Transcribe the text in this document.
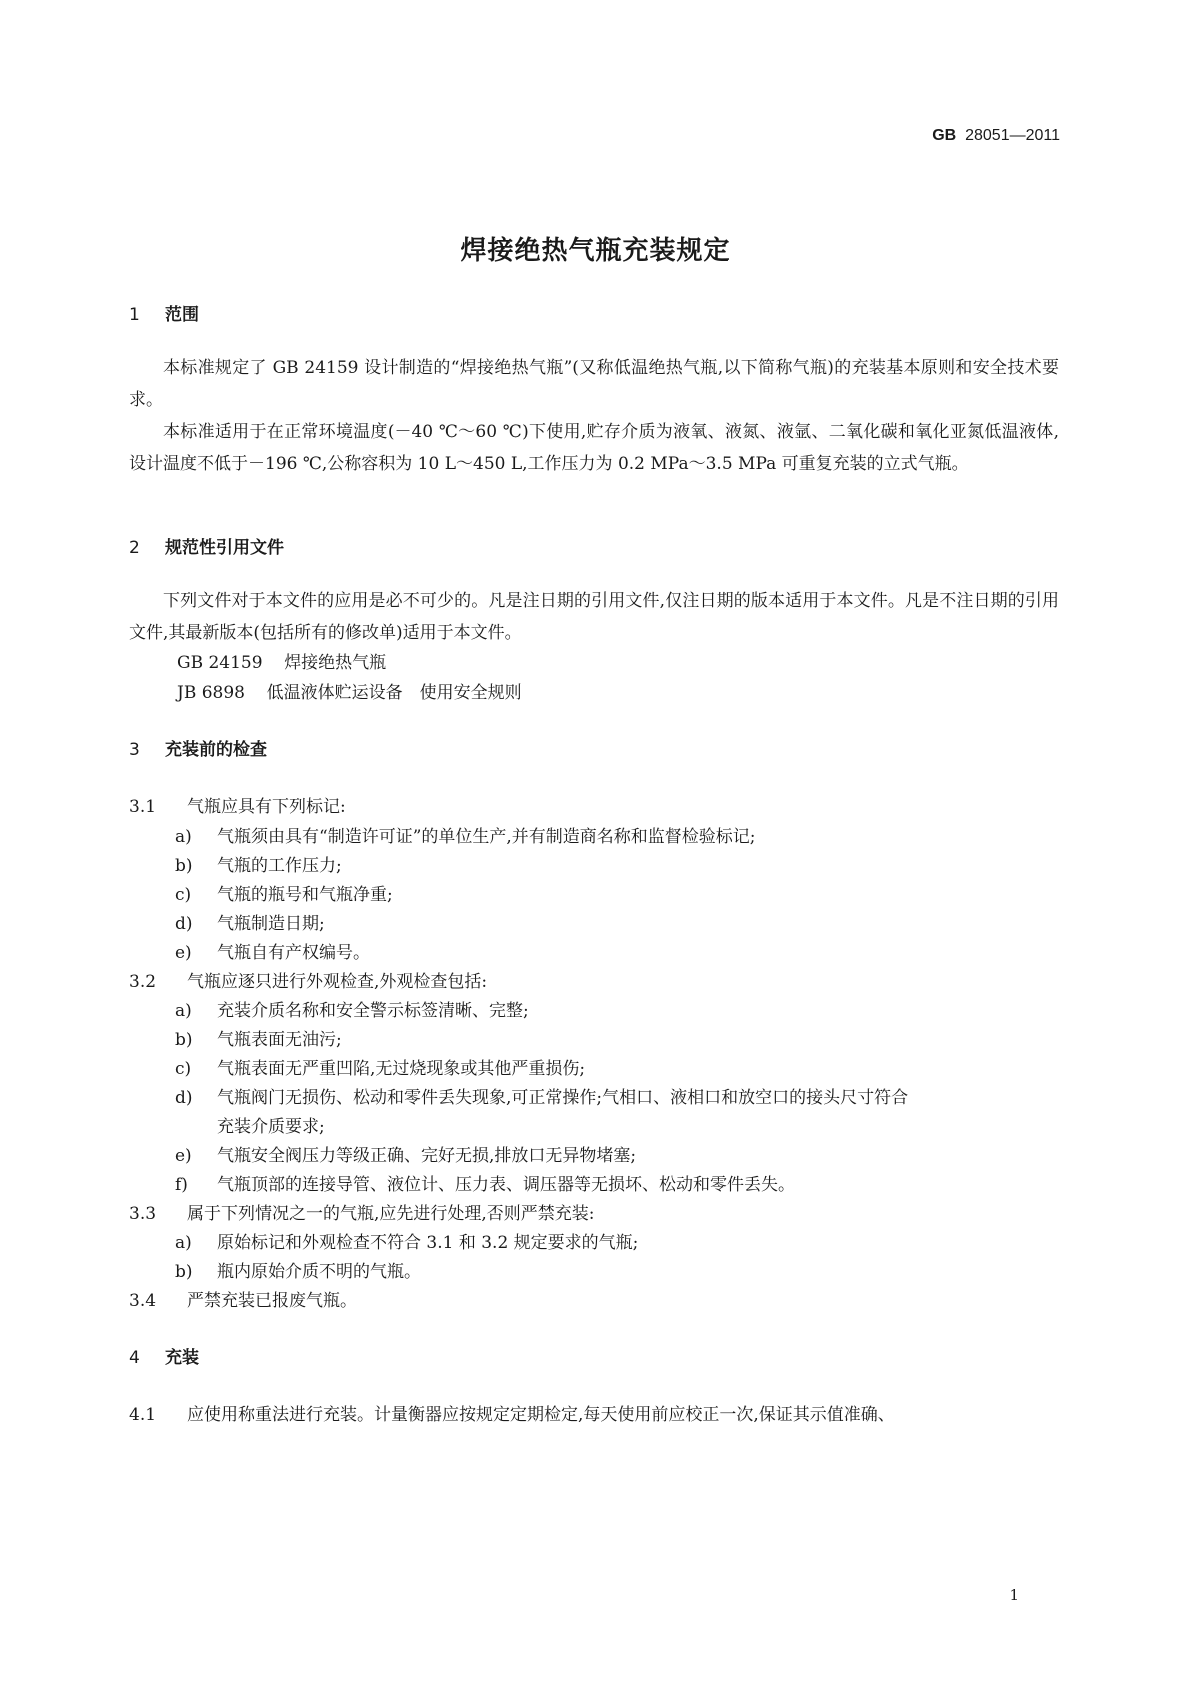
GB 28051—2011
焊接绝热气瓶充装规定
1 范围

本标准规定了 GB 24159 设计制造的“焊接绝热气瓶”(又称低温绝热气瓶,以下简称气瓶)的充装基本原则和安全技术要求。

本标准适用于在正常环境温度(－40 ℃～60 ℃)下使用,贮存介质为液氧、液氮、液氩、二氧化碳和氧化亚氮低温液体,设计温度不低于－196 ℃,公称容积为 10 L～450 L,工作压力为 0.2 MPa～3.5 MPa 可重复充装的立式气瓶。

2 规范性引用文件

下列文件对于本文件的应用是必不可少的。凡是注日期的引用文件,仅注日期的版本适用于本文件。凡是不注日期的引用文件,其最新版本(包括所有的修改单)适用于本文件。

GB 24159 焊接绝热气瓶
JB 6898 低温液体贮运设备　使用安全规则
3 充装前的检查
3.1 气瓶应具有下列标记:
a) 气瓶须由具有“制造许可证”的单位生产,并有制造商名称和监督检验标记;
b) 气瓶的工作压力;
c) 气瓶的瓶号和气瓶净重;
d) 气瓶制造日期;
e) 气瓶自有产权编号。
3.2 气瓶应逐只进行外观检查,外观检查包括:
a) 充装介质名称和安全警示标签清晰、完整;
b) 气瓶表面无油污;
c) 气瓶表面无严重凹陷,无过烧现象或其他严重损伤;
d) 气瓶阀门无损伤、松动和零件丢失现象,可正常操作;气相口、液相口和放空口的接头尺寸符合
充装介质要求;
e) 气瓶安全阀压力等级正确、完好无损,排放口无异物堵塞;
f) 气瓶顶部的连接导管、液位计、压力表、调压器等无损坏、松动和零件丢失。
3.3 属于下列情况之一的气瓶,应先进行处理,否则严禁充装:
a) 原始标记和外观检查不符合 3.1 和 3.2 规定要求的气瓶;
b) 瓶内原始介质不明的气瓶。
3.4 严禁充装已报废气瓶。
4 充装
4.1 应使用称重法进行充装。计量衡器应按规定定期检定,每天使用前应校正一次,保证其示值准确、
1
